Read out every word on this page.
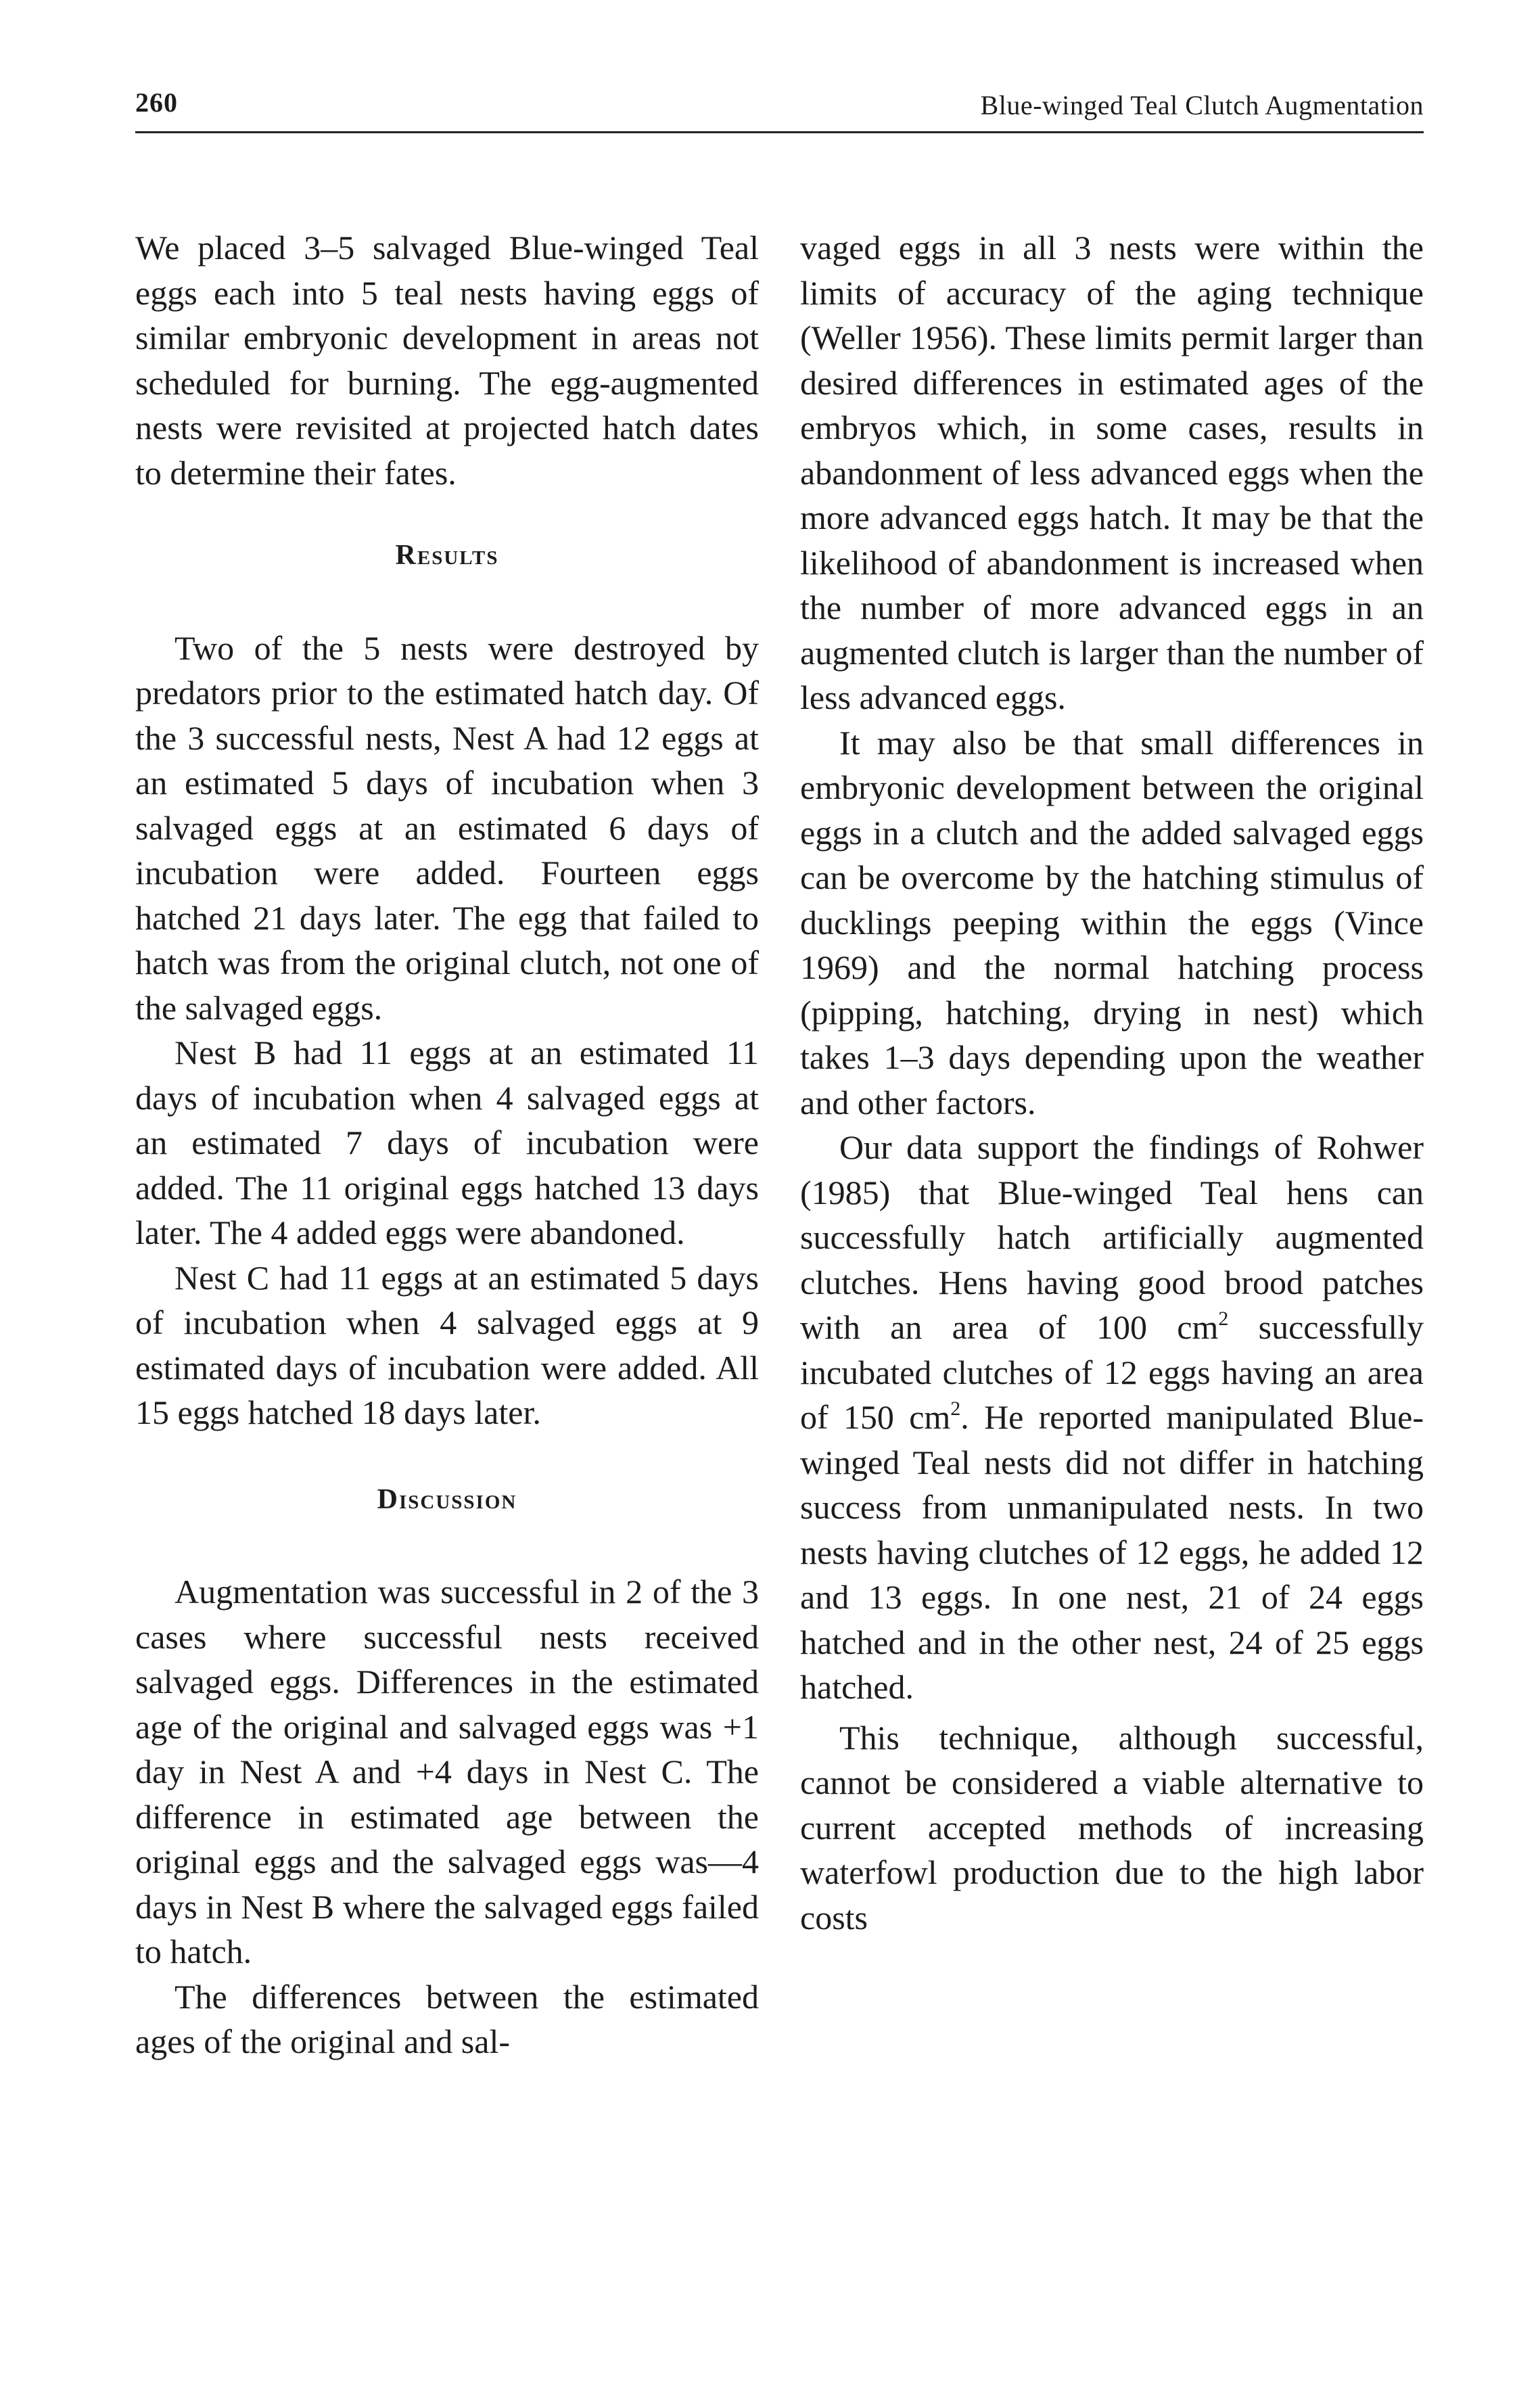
260	Blue-winged Teal Clutch Augmentation

We placed 3–5 salvaged Blue-winged Teal eggs each into 5 teal nests having eggs of similar embryonic development in areas not scheduled for burning. The egg-augmented nests were revisited at projected hatch dates to determine their fates.

Results

Two of the 5 nests were destroyed by predators prior to the estimated hatch day. Of the 3 successful nests, Nest A had 12 eggs at an estimated 5 days of incubation when 3 salvaged eggs at an estimated 6 days of incubation were added. Fourteen eggs hatched 21 days later. The egg that failed to hatch was from the original clutch, not one of the salvaged eggs.

Nest B had 11 eggs at an estimated 11 days of incubation when 4 salvaged eggs at an estimated 7 days of incubation were added. The 11 original eggs hatched 13 days later. The 4 added eggs were abandoned.

Nest C had 11 eggs at an estimated 5 days of incubation when 4 salvaged eggs at 9 estimated days of incubation were added. All 15 eggs hatched 18 days later.

Discussion

Augmentation was successful in 2 of the 3 cases where successful nests received salvaged eggs. Differences in the estimated age of the original and salvaged eggs was +1 day in Nest A and +4 days in Nest C. The difference in estimated age between the original eggs and the salvaged eggs was—4 days in Nest B where the salvaged eggs failed to hatch.

The differences between the estimated ages of the original and sal-

vaged eggs in all 3 nests were within the limits of accuracy of the aging technique (Weller 1956). These limits permit larger than desired differences in estimated ages of the embryos which, in some cases, results in abandonment of less advanced eggs when the more advanced eggs hatch. It may be that the likelihood of abandonment is increased when the number of more advanced eggs in an augmented clutch is larger than the number of less advanced eggs.

It may also be that small differences in embryonic development between the original eggs in a clutch and the added salvaged eggs can be overcome by the hatching stimulus of ducklings peeping within the eggs (Vince 1969) and the normal hatching process (pipping, hatching, drying in nest) which takes 1–3 days depending upon the weather and other factors.

Our data support the findings of Rohwer (1985) that Blue-winged Teal hens can successfully hatch artificially augmented clutches. Hens having good brood patches with an area of 100 $cm^2$ successfully incubated clutches of 12 eggs having an area of 150 $cm^2$. He reported manipulated Blue-winged Teal nests did not differ in hatching success from unmanipulated nests. In two nests having clutches of 12 eggs, he added 12 and 13 eggs. In one nest, 21 of 24 eggs hatched and in the other nest, 24 of 25 eggs hatched.

This technique, although successful, cannot be considered a viable alternative to current accepted methods of increasing waterfowl production due to the high labor costs
